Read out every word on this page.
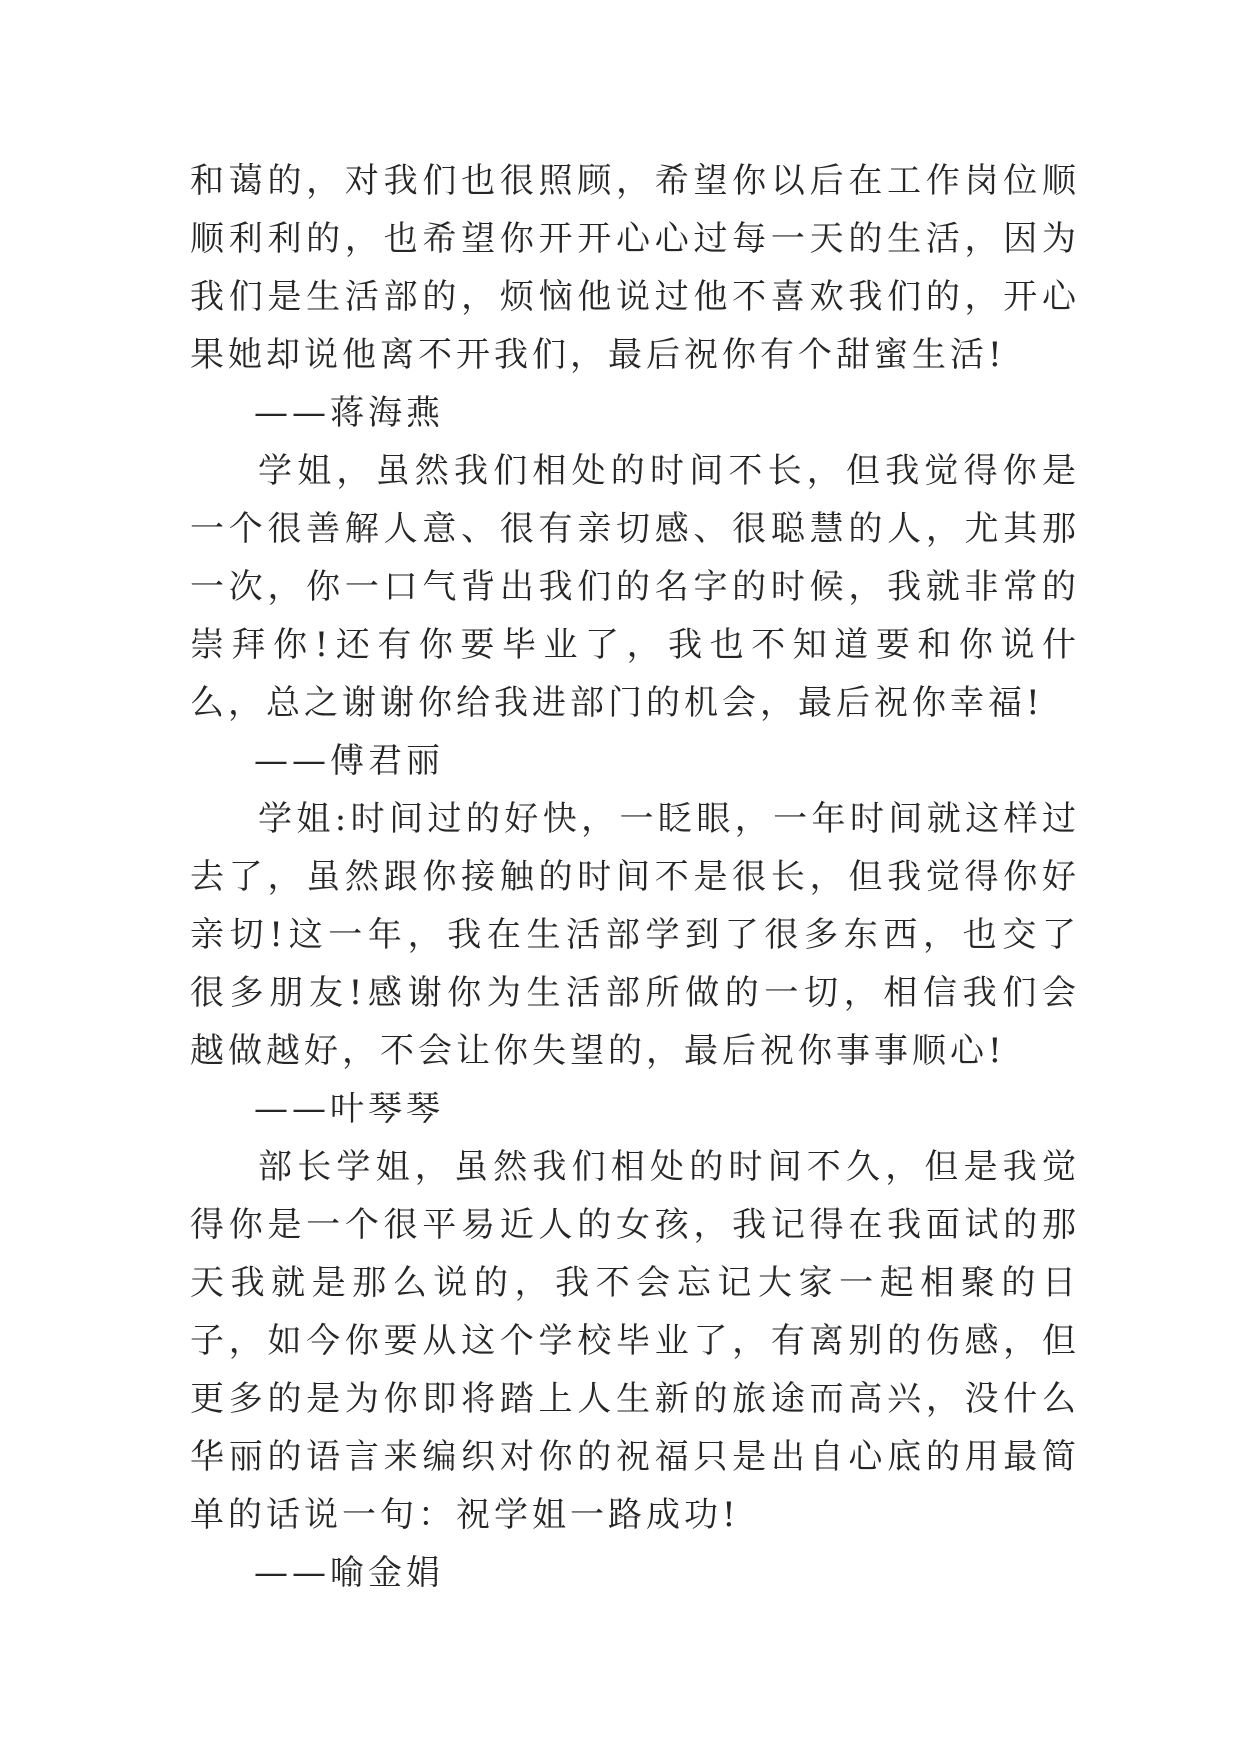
和蔼的，对我们也很照顾，希望你以后在工作岗位顺顺利利的，也希望你开开心心过每一天的生活，因为我们是生活部的，烦恼他说过他不喜欢我们的，开心果她却说他离不开我们，最后祝你有个甜蜜生活!

——蒋海燕

学姐，虽然我们相处的时间不长，但我觉得你是一个很善解人意、很有亲切感、很聪慧的人，尤其那一次，你一口气背出我们的名字的时候，我就非常的崇拜你!还有你要毕业了，我也不知道要和你说什么，总之谢谢你给我进部门的机会，最后祝你幸福!

——傅君丽

学姐:时间过的好快，一眨眼，一年时间就这样过去了，虽然跟你接触的时间不是很长，但我觉得你好亲切!这一年，我在生活部学到了很多东西，也交了很多朋友!感谢你为生活部所做的一切，相信我们会越做越好，不会让你失望的，最后祝你事事顺心!

——叶琴琴

部长学姐，虽然我们相处的时间不久，但是我觉得你是一个很平易近人的女孩，我记得在我面试的那天我就是那么说的，我不会忘记大家一起相聚的日子，如今你要从这个学校毕业了，有离别的伤感，但更多的是为你即将踏上人生新的旅途而高兴，没什么华丽的语言来编织对你的祝福只是出自心底的用最简单的话说一句：祝学姐一路成功!

——喻金娟
